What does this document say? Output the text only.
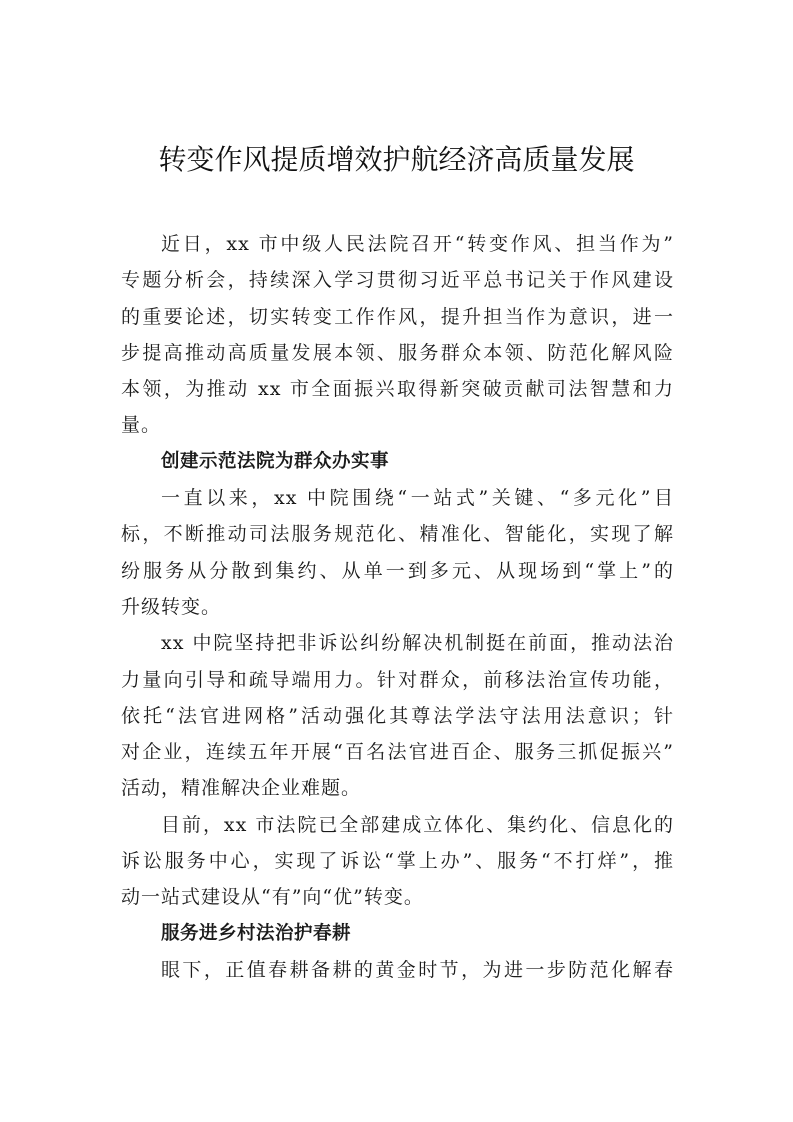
转变作风提质增效护航经济高质量发展
近日，xx 市中级人民法院召开“转变作风、担当作为”
专题分析会，持续深入学习贯彻习近平总书记关于作风建设
的重要论述，切实转变工作作风，提升担当作为意识，进一
步提高推动高质量发展本领、服务群众本领、防范化解风险
本领，为推动 xx 市全面振兴取得新突破贡献司法智慧和力
量。
创建示范法院为群众办实事
一直以来，xx 中院围绕“一站式”关键、“多元化”目
标，不断推动司法服务规范化、精准化、智能化，实现了解
纷服务从分散到集约、从单一到多元、从现场到“掌上”的
升级转变。
xx 中院坚持把非诉讼纠纷解决机制挺在前面，推动法治
力量向引导和疏导端用力。针对群众，前移法治宣传功能，
依托“法官进网格”活动强化其尊法学法守法用法意识；针
对企业，连续五年开展“百名法官进百企、服务三抓促振兴”
活动，精准解决企业难题。
目前，xx 市法院已全部建成立体化、集约化、信息化的
诉讼服务中心，实现了诉讼“掌上办”、服务“不打烊”，推
动一站式建设从“有”向“优”转变。
服务进乡村法治护春耕
眼下，正值春耕备耕的黄金时节，为进一步防范化解春
